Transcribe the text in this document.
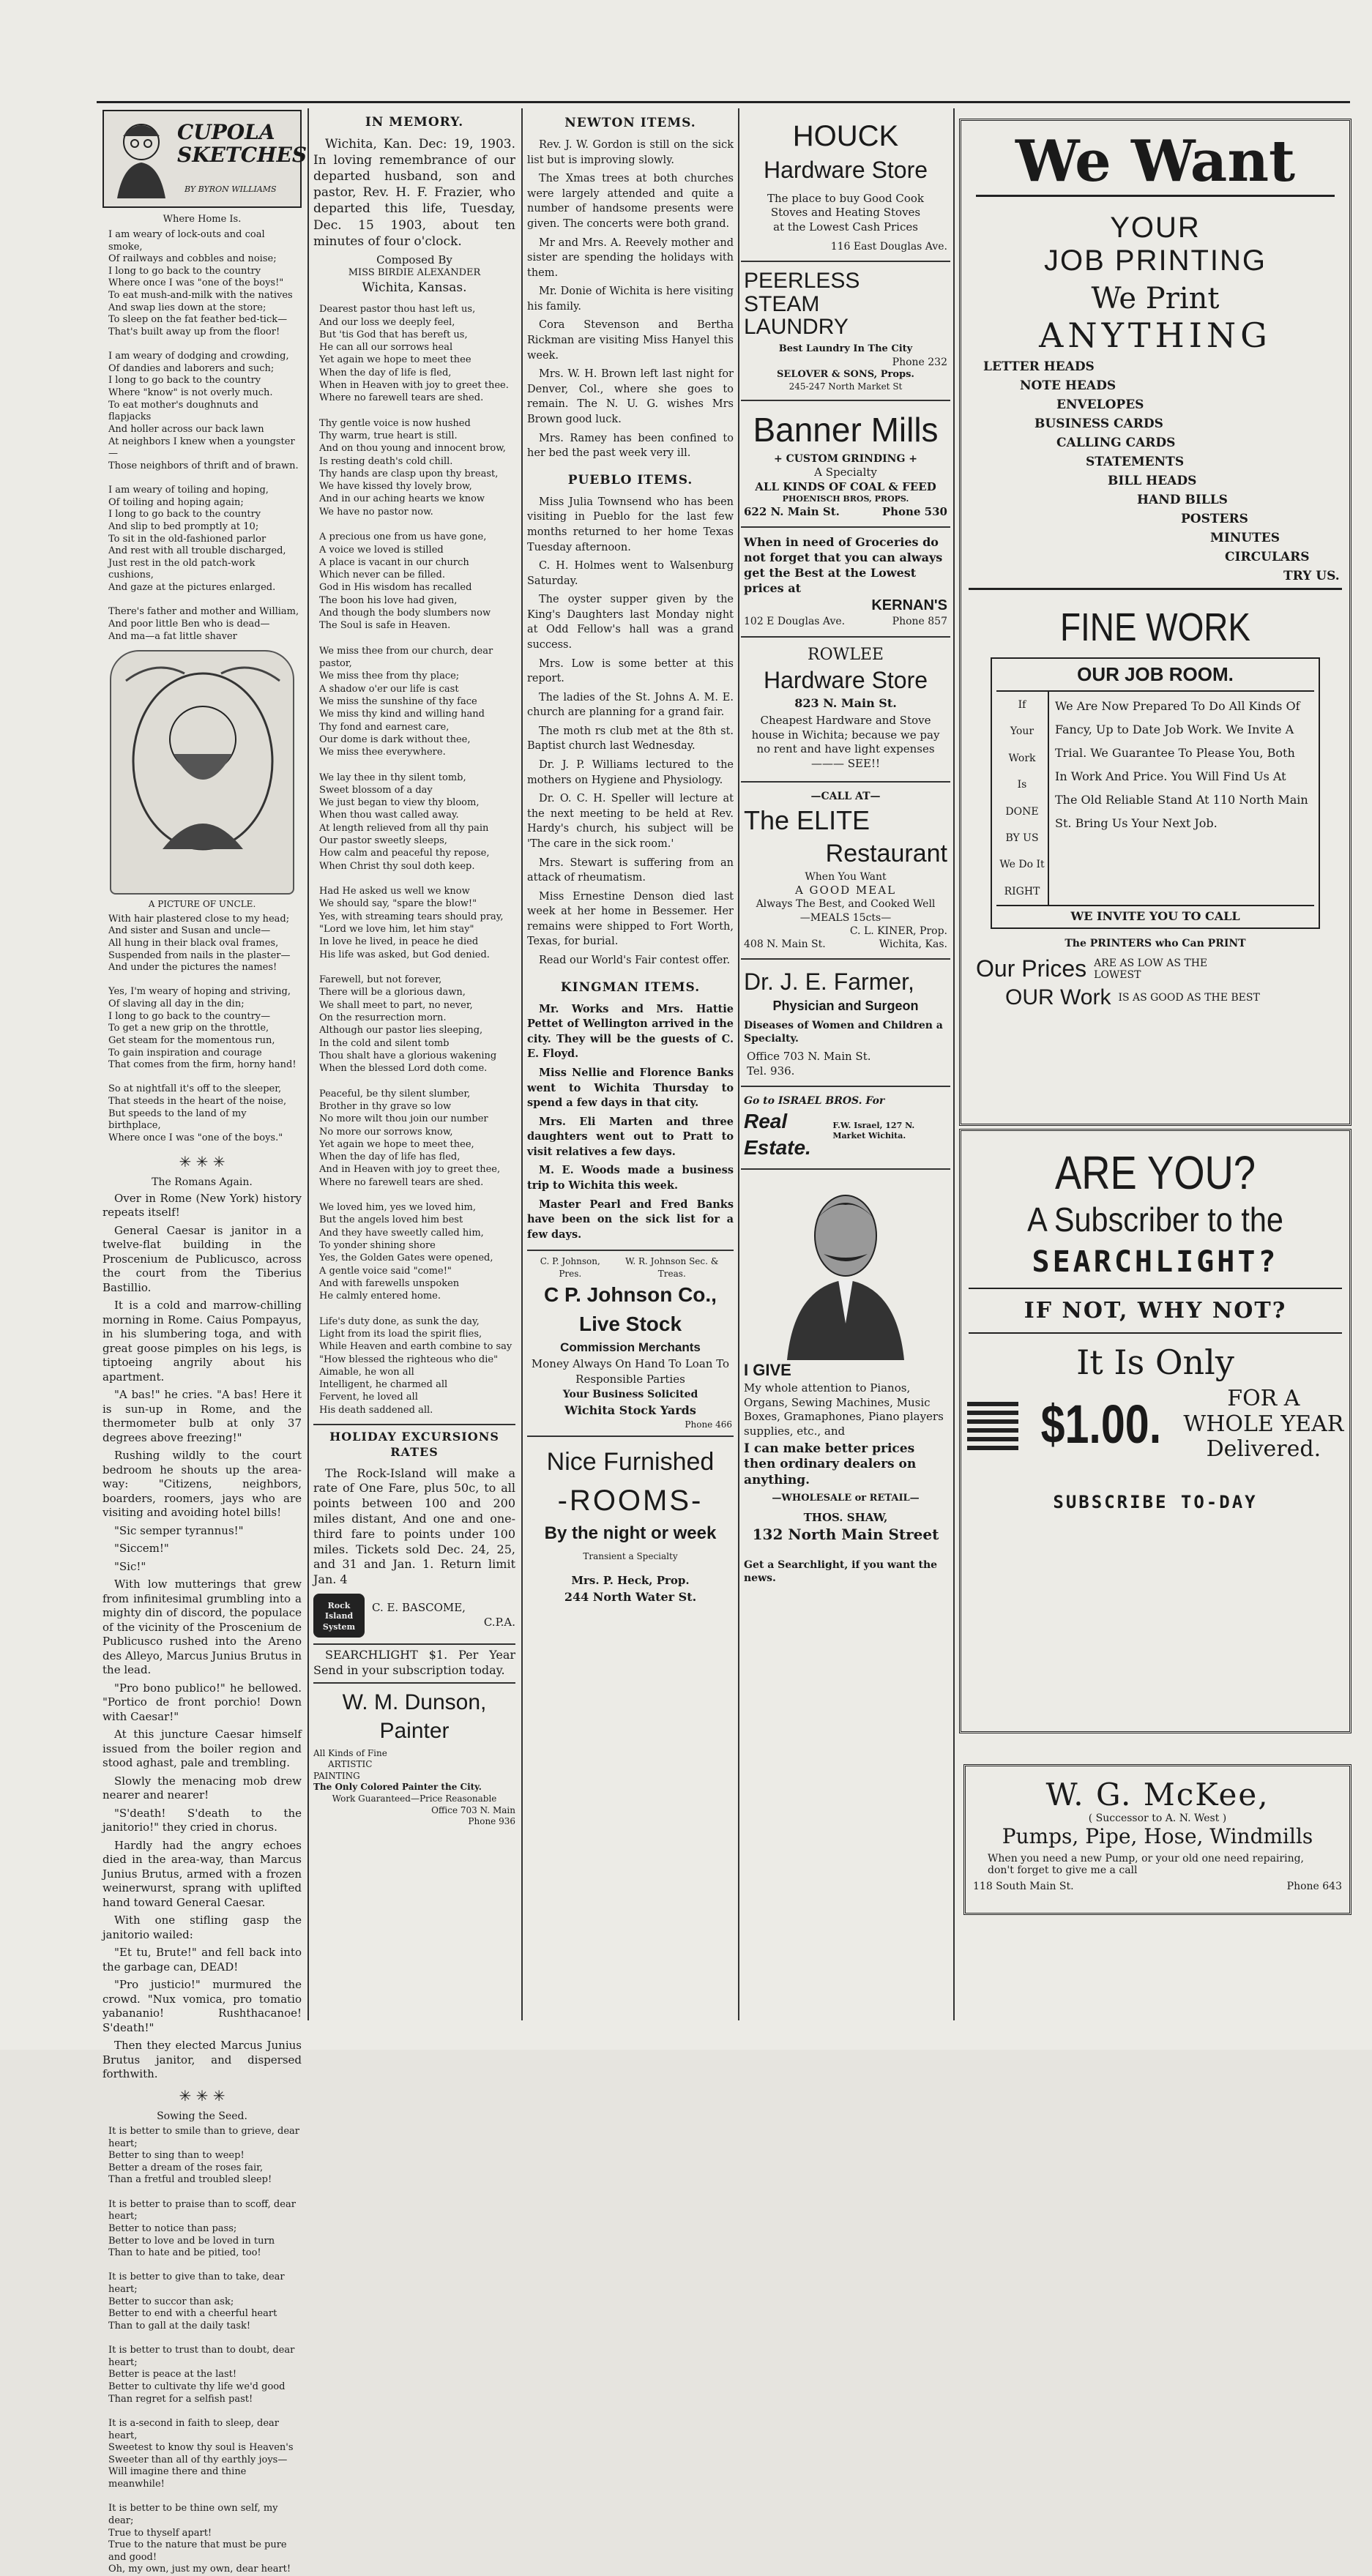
CUPOLA SKETCHES
BY BYRON WILLIAMS
Where Home Is.
I am weary of lock-outs and coal smoke,
Of railways and cobbles and noise;
I long to go back to the country
Where once I was "one of the boys!"
To eat mush-and-milk with the natives
And swap lies down at the store;
To sleep on the fat feather bed-tick—
That's built away up from the floor!

I am weary of dodging and crowding,
Of dandies and laborers and such;
I long to go back to the country
Where "know" is not overly much.
To eat mother's doughnuts and flapjacks
And holler across our back lawn
At neighbors I knew when a youngster—
Those neighbors of thrift and of brawn.

I am weary of toiling and hoping,
Of toiling and hoping again;
I long to go back to the country
And slip to bed promptly at 10;
To sit in the old-fashioned parlor
And rest with all trouble discharged,
Just rest in the old patch-work cushions,
And gaze at the pictures enlarged.

There's father and mother and William,
And poor little Ben who is dead—
And ma—a fat little shaver
A PICTURE OF UNCLE.
With hair plastered close to my head;
And sister and Susan and uncle—
All hung in their black oval frames,
Suspended from nails in the plaster—
And under the pictures the names!

Yes, I'm weary of hoping and striving,
Of slaving all day in the din;
I long to go back to the country—
To get a new grip on the throttle,
Get steam for the momentous run,
To gain inspiration and courage
That comes from the firm, horny hand!

So at nightfall it's off to the sleeper,
That steeds in the heart of the noise,
But speeds to the land of my birthplace,
Where once I was "one of the boys."
✳ ✳ ✳
The Romans Again.

Over in Rome (New York) history repeats itself!

General Caesar is janitor in a twelve-flat building in the Proscenium de Publicusco, across the court from the Tiberius Bastillio.

It is a cold and marrow-chilling morning in Rome. Caius Pompayus, in his slumbering toga, and with great goose pimples on his legs, is tiptoeing angrily about his apartment.

"A bas!" he cries. "A bas! Here it is sun-up in Rome, and the thermometer bulb at only 37 degrees above freezing!"

Rushing wildly to the court bedroom he shouts up the area-way: "Citizens, neighbors, boarders, roomers, jays who are visiting and avoiding hotel bills!

"Sic semper tyrannus!"

"Siccem!"

"Sic!"

With low mutterings that grew from infinitesimal grumbling into a mighty din of discord, the populace of the vicinity of the Proscenium de Publicusco rushed into the Areno des Alleyo, Marcus Junius Brutus in the lead.

"Pro bono publico!" he bellowed. "Portico de front porchio! Down with Caesar!"

At this juncture Caesar himself issued from the boiler region and stood aghast, pale and trembling.

Slowly the menacing mob drew nearer and nearer!

"S'death! S'death to the janitorio!" they cried in chorus.

Hardly had the angry echoes died in the area-way, than Marcus Junius Brutus, armed with a frozen weinerwurst, sprang with uplifted hand toward General Caesar.

With one stifling gasp the janitorio wailed:

"Et tu, Brute!" and fell back into the garbage can, DEAD!

"Pro justicio!" murmured the crowd. "Nux vomica, pro tomatio yabananio! Rushthacanoe! S'death!"

Then they elected Marcus Junius Brutus janitor, and dispersed forthwith.

✳ ✳ ✳
Sowing the Seed.
It is better to smile than to grieve, dear heart;
Better to sing than to weep!
Better a dream of the roses fair,
Than a fretful and troubled sleep!

It is better to praise than to scoff, dear heart;
Better to notice than pass;
Better to love and be loved in turn
Than to hate and be pitied, too!

It is better to give than to take, dear heart;
Better to succor than ask;
Better to end with a cheerful heart
Than to gall at the daily task!

It is better to trust than to doubt, dear heart;
Better is peace at the last!
Better to cultivate thy life we'd good
Than regret for a selfish past!

It is a-second in faith to sleep, dear heart,
Sweetest to know thy soul is Heaven's
Sweeter than all of thy earthly joys—
Will imagine there and thine meanwhile!

It is better to be thine own self, my dear;
True to thyself apart!
True to the nature that must be pure and good!
Oh, my own, just my own, dear heart!
IN MEMORY.

Wichita, Kan. Dec: 19, 1903. In loving remembrance of our departed husband, son and pastor, Rev. H. F. Frazier, who departed this life, Tuesday, Dec. 15 1903, about ten minutes of four o'clock.

Composed By
MISS BIRDIE ALEXANDER
Wichita, Kansas.
Dearest pastor thou hast left us,
And our loss we deeply feel,
But 'tis God that has bereft us,
He can all our sorrows heal
Yet again we hope to meet thee
When the day of life is fled,
When in Heaven with joy to greet thee.
Where no farewell tears are shed.

Thy gentle voice is now hushed
Thy warm, true heart is still.
And on thou young and innocent brow,
Is resting death's cold chill.
Thy hands are clasp upon thy breast,
We have kissed thy lovely brow,
And in our aching hearts we know
We have no pastor now.

A precious one from us have gone,
A voice we loved is stilled
A place is vacant in our church
Which never can be filled.
God in His wisdom has recalled
The boon his love had given,
And though the body slumbers now
The Soul is safe in Heaven.

We miss thee from our church, dear pastor,
We miss thee from thy place;
A shadow o'er our life is cast
We miss the sunshine of thy face
We miss thy kind and willing hand
Thy fond and earnest care,
Our dome is dark without thee,
We miss thee everywhere.

We lay thee in thy silent tomb,
Sweet blossom of a day
We just began to view thy bloom,
When thou wast called away.
At length relieved from all thy pain
Our pastor sweetly sleeps,
How calm and peaceful thy repose,
When Christ thy soul doth keep.

Had He asked us well we know
We should say, "spare the blow!"
Yes, with streaming tears should pray,
"Lord we love him, let him stay"
In love he lived, in peace he died
His life was asked, but God denied.

Farewell, but not forever,
There will be a glorious dawn,
We shall meet to part, no never,
On the resurrection morn.
Although our pastor lies sleeping,
In the cold and silent tomb
Thou shalt have a glorious wakening
When the blessed Lord doth come.

Peaceful, be thy silent slumber,
Brother in thy grave so low
No more wilt thou join our number
No more our sorrows know,
Yet again we hope to meet thee,
When the day of life has fled,
And in Heaven with joy to greet thee,
Where no farewell tears are shed.

We loved him, yes we loved him,
But the angels loved him best
And they have sweetly called him,
To yonder shining shore
Yes, the Golden Gates were opened,
A gentle voice said "come!"
And with farewells unspoken
He calmly entered home.

Life's duty done, as sunk the day,
Light from its load the spirit flies,
While Heaven and earth combine to say
"How blessed the righteous who die"
Aimable, he won all
Intelligent, he charmed all
Fervent, he loved all
His death saddened all.
HOLIDAY EXCURSIONS RATES

The Rock-Island will make a rate of One Fare, plus 50c, to all points between 100 and 200 miles distant, And one and one-third fare to points under 100 miles. Tickets sold Dec. 24, 25, and 31 and Jan. 1. Return limit Jan. 4

Rock Island System
C. E. BASCOME,
C.P.A.

SEARCHLIGHT $1. Per Year Send in your subscription today.

W. M. Dunson,
Painter
All Kinds of Fine
ARTISTIC
PAINTING
The Only Colored Painter the City.
Work Guaranteed—Price Reasonable
Office 703 N. Main
Phone 936
NEWTON ITEMS.

Rev. J. W. Gordon is still on the sick list but is improving slowly.

The Xmas trees at both churches were largely attended and quite a number of handsome presents were given. The concerts were both grand.

Mr and Mrs. A. Reevely mother and sister are spending the holidays with them.

Mr. Donie of Wichita is here visiting his family.

Cora Stevenson and Bertha Rickman are visiting Miss Hanyel this week.

Mrs. W. H. Brown left last night for Denver, Col., where she goes to remain. The N. U. G. wishes Mrs Brown good luck.

Mrs. Ramey has been confined to her bed the past week very ill.

PUEBLO ITEMS.

Miss Julia Townsend who has been visiting in Pueblo for the last few months returned to her home Texas Tuesday afternoon.

C. H. Holmes went to Walsenburg Saturday.

The oyster supper given by the King's Daughters last Monday night at Odd Fellow's hall was a grand success.

Mrs. Low is some better at this report.

The ladies of the St. Johns A. M. E. church are planning for a grand fair.

The moth rs club met at the 8th st. Baptist church last Wednesday.

Dr. J. P. Williams lectured to the mothers on Hygiene and Physiology.

Dr. O. C. H. Speller will lecture at the next meeting to be held at Rev. Hardy's church, his subject will be 'The care in the sick room.'

Mrs. Stewart is suffering from an attack of rheumatism.

Miss Ernestine Denson died last week at her home in Bessemer. Her remains were shipped to Fort Worth, Texas, for burial.

Read our World's Fair contest offer.

KINGMAN ITEMS.

Mr. Works and Mrs. Hattie Pettet of Wellington arrived in the city. They will be the guests of C. E. Floyd.

Miss Nellie and Florence Banks went to Wichita Thursday to spend a few days in that city.

Mrs. Eli Marten and three daughters went out to Pratt to visit relatives a few days.

M. E. Woods made a business trip to Wichita this week.

Master Pearl and Fred Banks have been on the sick list for a few days.

C. P. Johnson, Pres.
W. R. Johnson Sec. & Treas.
C P. Johnson Co.,
Live Stock
Commission Merchants
Money Always On Hand To Loan To Responsible Parties
Your Business Solicited
Wichita Stock Yards
Phone 466
Nice Furnished
-ROOMS-
By the night or week
Transient a Specialty
Mrs. P. Heck, Prop.
244 North Water St.
HOUCK
Hardware Store
The place to buy Good Cook Stoves and Heating Stoves at the Lowest Cash Prices
116 East Douglas Ave.
PEERLESS STEAM LAUNDRY
Best Laundry In The City
Phone 232
SELOVER & SONS, Props.
245-247 North Market St
Banner Mills
+ CUSTOM GRINDING +
A Specialty
ALL KINDS OF COAL & FEED
PHOENISCH BROS, PROPS.
622 N. Main St.	Phone 530
When in need of Groceries do not forget that you can always get the Best at the Lowest prices at
KERNAN'S
102 E Douglas Ave.	Phone 857
ROWLEE
Hardware Store
823 N. Main St.
Cheapest Hardware and Stove house in Wichita; because we pay no rent and have light expenses ——— SEE!!
—CALL AT—
The ELITE
Restaurant
When You Want
A GOOD MEAL
Always The Best, and Cooked Well
—MEALS 15cts—
C. L. KINER, Prop.
408 N. Main St.	Wichita, Kas.
Dr. J. E. Farmer,
Physician and Surgeon
Diseases of Women and Children a Specialty.
Office 703 N. Main St.
Tel. 936.
Go to ISRAEL BROS. For
Real Estate.
F.W. Israel, 127 N. Market Wichita.
I GIVE
My whole attention to Pianos, Organs, Sewing Machines, Music Boxes, Gramaphones, Piano players supplies, etc., and
I can make better prices then ordinary dealers on anything.
—WHOLESALE or RETAIL—
THOS. SHAW,
132 North Main Street
Get a Searchlight, if you want the news.
We Want
YOUR
JOB PRINTING
We Print
ANYTHING
LETTER HEADS
NOTE HEADS
ENVELOPES
BUSINESS CARDS
CALLING CARDS
STATEMENTS
BILL HEADS
HAND BILLS
POSTERS
MINUTES
CIRCULARS
TRY US.
FINE WORK
OUR JOB ROOM.
If
Your
Work
Is
DONE
BY US
We Do It
RIGHT
We Are Now Prepared To Do All Kinds Of Fancy, Up to Date Job Work. We Invite A Trial. We Guarantee To Please You, Both In Work And Price. You Will Find Us At The Old Reliable Stand At 110 North Main St. Bring Us Your Next Job.
WE INVITE YOU TO CALL
The PRINTERS who Can PRINT
Our Prices ARE AS LOW AS THE LOWEST
OUR Work IS AS GOOD AS THE BEST
ARE YOU?
A Subscriber to the
SEARCHLIGHT?
IF NOT, WHY NOT?
It Is Only
$1.00.	FOR A
WHOLE YEAR
Delivered.
SUBSCRIBE TO-DAY
W. G. McKee,
( Successor to A. N. West )
Pumps, Pipe, Hose, Windmills
When you need a new Pump, or your old one need repairing, don't forget to give me a call
118 South Main St.	Phone 643
